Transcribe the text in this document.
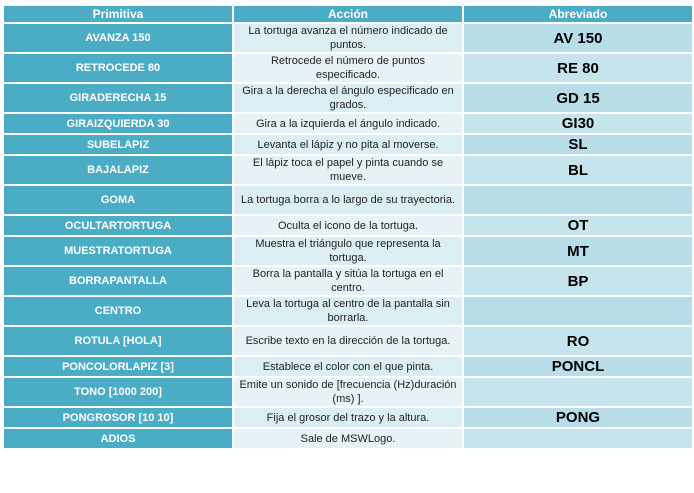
Primitiva	Acción	Abreviado
AVANZA 150	La tortuga avanza el número indicado de puntos.	AV 150
RETROCEDE 80	Retrocede el número de puntos especificado.	RE 80
GIRADERECHA 15	Gira a la derecha el ángulo especificado en grados.	GD 15
GIRAIZQUIERDA 30	Gira a la izquierda el ángulo indicado.	GI30
SUBELAPIZ	Levanta el lápiz y no pita al moverse.	SL
BAJALAPIZ	El lápiz toca el papel y pinta cuando se mueve.	BL
GOMA	La tortuga borra a lo largo de su trayectoria.	
OCULTARTORTUGA	Oculta el icono de la tortuga.	OT
MUESTRATORTUGA	Muestra el triángulo que representa la tortuga.	MT
BORRAPANTALLA	Borra la pantalla y sitúa la tortuga en el centro.	BP
CENTRO	Leva la tortuga al centro de la pantalla sin borrarla.	
ROTULA [HOLA]	Escribe texto en la dirección de la tortuga.	RO
PONCOLORLAPIZ [3]	Establece el color con el que pinta.	PONCL
TONO [1000 200]	Emite un sonido de [frecuencia (Hz)duración (ms) ].	
PONGROSOR [10 10]	Fija el grosor del trazo y la altura.	PONG
ADIOS	Sale de MSWLogo.	
